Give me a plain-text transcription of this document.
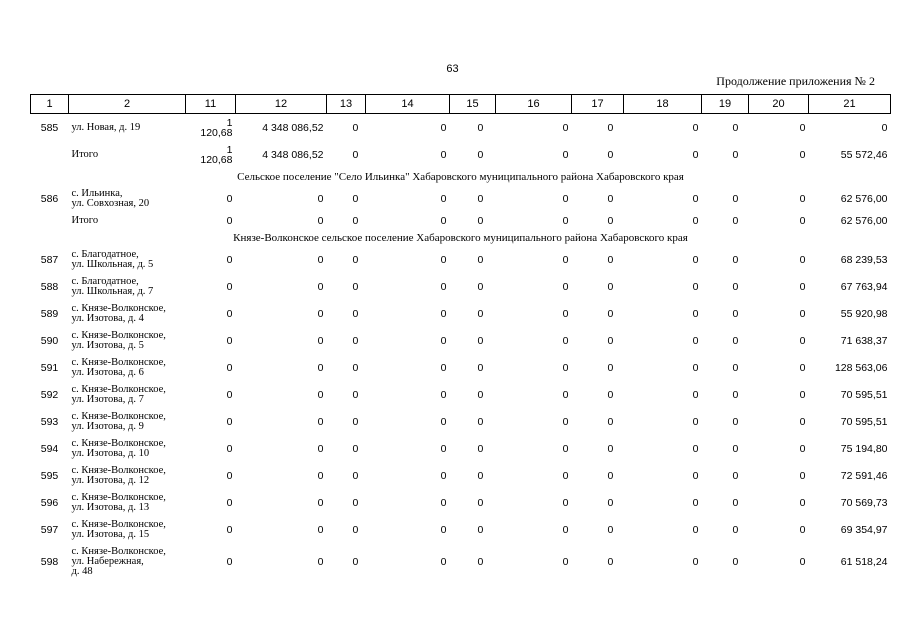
63
Продолжение приложения № 2
1	2	11	12	13	14	15	16	17	18	19	20	21
585	ул. Новая, д. 19	1
120,68	4 348 086,52	0	0	0	0	0	0	0	0	0
	Итого	1
120,68	4 348 086,52	0	0	0	0	0	0	0	0	55 572,46
Сельское поселение "Село Ильинка" Хабаровского муниципального района Хабаровского края												
586	с. Ильинка,
ул. Совхозная, 20	0	0	0	0	0	0	0	0	0	0	62 576,00
	Итого	0	0	0	0	0	0	0	0	0	0	62 576,00
Князе-Волконское сельское поселение Хабаровского муниципального района Хабаровского края												
587	с. Благодатное,
ул. Школьная, д. 5	0	0	0	0	0	0	0	0	0	0	68 239,53
588	с. Благодатное,
ул. Школьная, д. 7	0	0	0	0	0	0	0	0	0	0	67 763,94
589	с. Князе-Волконское,
ул. Изотова, д. 4	0	0	0	0	0	0	0	0	0	0	55 920,98
590	с. Князе-Волконское,
ул. Изотова, д. 5	0	0	0	0	0	0	0	0	0	0	71 638,37
591	с. Князе-Волконское,
ул. Изотова, д. 6	0	0	0	0	0	0	0	0	0	0	128 563,06
592	с. Князе-Волконское,
ул. Изотова, д. 7	0	0	0	0	0	0	0	0	0	0	70 595,51
593	с. Князе-Волконское,
ул. Изотова, д. 9	0	0	0	0	0	0	0	0	0	0	70 595,51
594	с. Князе-Волконское,
ул. Изотова, д. 10	0	0	0	0	0	0	0	0	0	0	75 194,80
595	с. Князе-Волконское,
ул. Изотова, д. 12	0	0	0	0	0	0	0	0	0	0	72 591,46
596	с. Князе-Волконское,
ул. Изотова, д. 13	0	0	0	0	0	0	0	0	0	0	70 569,73
597	с. Князе-Волконское,
ул. Изотова, д. 15	0	0	0	0	0	0	0	0	0	0	69 354,97
598	с. Князе-Волконское,
ул. Набережная,
д. 48	0	0	0	0	0	0	0	0	0	0	61 518,24
